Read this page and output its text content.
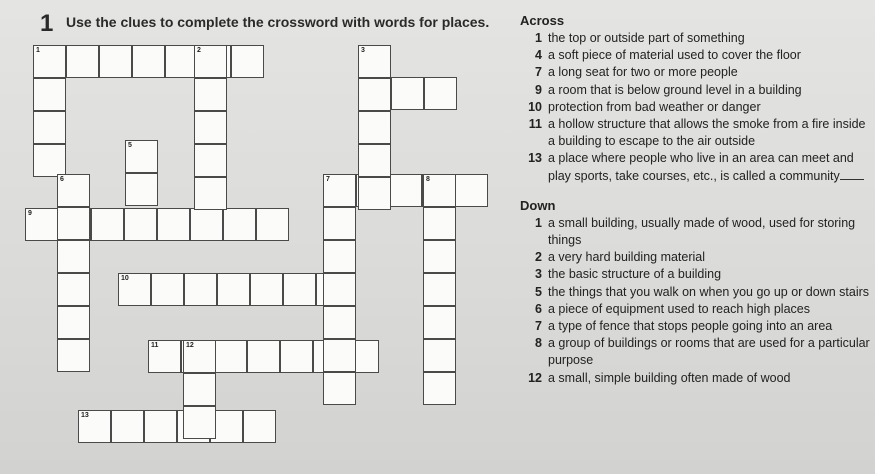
1 Use the clues to complete the crossword with words for places.
1
7
9
10
11
13
2	3
5
6	8
12
Across
1 the top or outside part of something
4 a soft piece of material used to cover the floor
7 a long seat for two or more people
9 a room that is below ground level in a building
10 protection from bad weather or danger
11 a hollow structure that allows the smoke from a fire inside a building to escape to the air outside
13 a place where people who live in an area can meet and play sports, take courses, etc., is called a community
Down
1 a small building, usually made of wood, used for storing things
2 a very hard building material
3 the basic structure of a building
5 the things that you walk on when you go up or down stairs
6 a piece of equipment used to reach high places
7 a type of fence that stops people going into an area
8 a group of buildings or rooms that are used for a particular purpose
12 a small, simple building often made of wood
